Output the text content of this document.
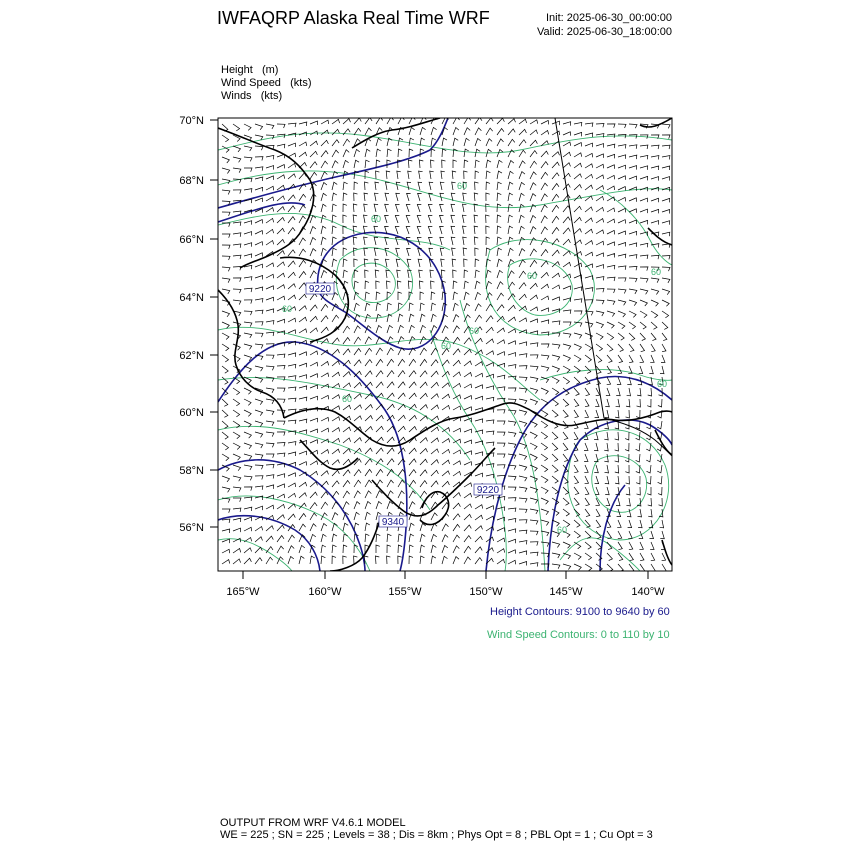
IWFAQRP Alaska Real Time WRF	Init: 2025-06-30_00:00:00
Valid: 2025-06-30_18:00:00
Height (m)
Wind Speed (kts)
Winds (kts)
9220
9220
9340
60
60
60	60
60
60
60
60
60
60
70°N
68°N
66°N
64°N
62°N
60°N
58°N
56°N
165°W	160°W	155°W	150°W	145°W	140°W
Height Contours: 9100 to 9640 by 60
Wind Speed Contours: 0 to 110 by 10
OUTPUT FROM WRF V4.6.1 MODEL
WE = 225 ; SN = 225 ; Levels = 38 ; Dis = 8km ; Phys Opt = 8 ; PBL Opt = 1 ; Cu Opt = 3
